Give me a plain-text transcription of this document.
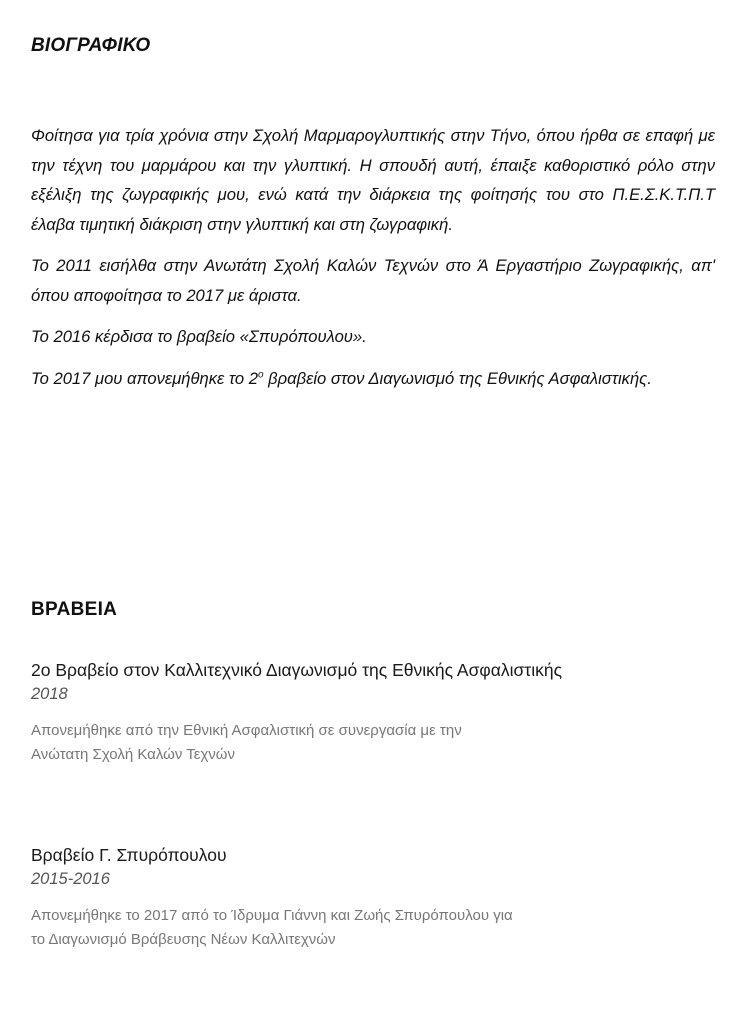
ΒΙΟΓΡΑΦΙΚΟ

Φοίτησα για τρία χρόνια στην Σχολή Μαρμαρογλυπτικής στην Τήνο, όπου ήρθα σε επαφή με την τέχνη του μαρμάρου και την γλυπτική. Η σπουδή αυτή, έπαιξε καθοριστικό ρόλο στην εξέλιξη της ζωγραφικής μου, ενώ κατά την διάρκεια της φοίτησής του στο Π.Ε.Σ.Κ.Τ.Π.Τ έλαβα τιμητική διάκριση στην γλυπτική και στη ζωγραφική.

Το 2011 εισήλθα στην Ανωτάτη Σχολή Καλών Τεχνών στο Ά Εργαστήριο Ζωγραφικής, απ' όπου αποφοίτησα το 2017 με άριστα.

Το 2016 κέρδισα το βραβείο «Σπυρόπουλου».

Το 2017 μου απονεμήθηκε το $2^o$ βραβείο στον Διαγωνισμό της Εθνικής Ασφαλιστικής.

ΒΡΑΒΕΙΑ
2ο Βραβείο στον Καλλιτεχνικό Διαγωνισμό της Εθνικής Ασφαλιστικής
2018
Απονεμήθηκε από την Εθνική Ασφαλιστική σε συνεργασία με την Ανώτατη Σχολή Καλών Τεχνών
Βραβείο Γ. Σπυρόπουλου
2015-2016
Απονεμήθηκε το 2017 από το Ίδρυμα Γιάννη και Ζωής Σπυρόπουλου για το Διαγωνισμό Βράβευσης Νέων Καλλιτεχνών
